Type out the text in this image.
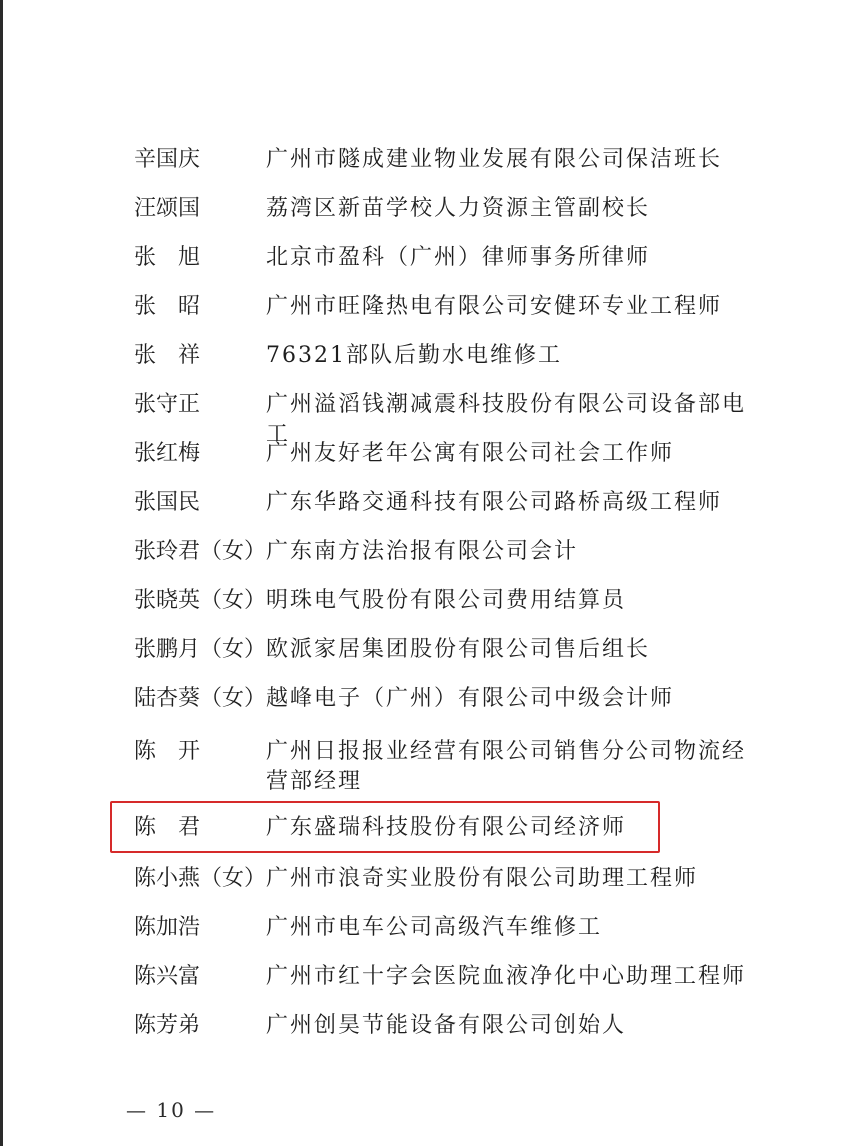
辛国庆	广州市隧成建业物业发展有限公司保洁班长
汪颂国	荔湾区新苗学校人力资源主管副校长
张　旭	北京市盈科（广州）律师事务所律师
张　昭	广州市旺隆热电有限公司安健环专业工程师
张　祥	76321部队后勤水电维修工
张守正	广州溢滔钱潮减震科技股份有限公司设备部电工
张红梅	广州友好老年公寓有限公司社会工作师
张国民	广东华路交通科技有限公司路桥高级工程师
张玲君（女） 广东南方法治报有限公司会计
张晓英（女） 明珠电气股份有限公司费用结算员
张鹏月（女） 欧派家居集团股份有限公司售后组长
陆杏葵（女） 越峰电子（广州）有限公司中级会计师
陈　开	广州日报报业经营有限公司销售分公司物流经营部经理
陈　君	广东盛瑞科技股份有限公司经济师
陈小燕（女） 广州市浪奇实业股份有限公司助理工程师
陈加浩	广州市电车公司高级汽车维修工
陈兴富	广州市红十字会医院血液净化中心助理工程师
陈芳弟	广州创昊节能设备有限公司创始人
— 10 —
